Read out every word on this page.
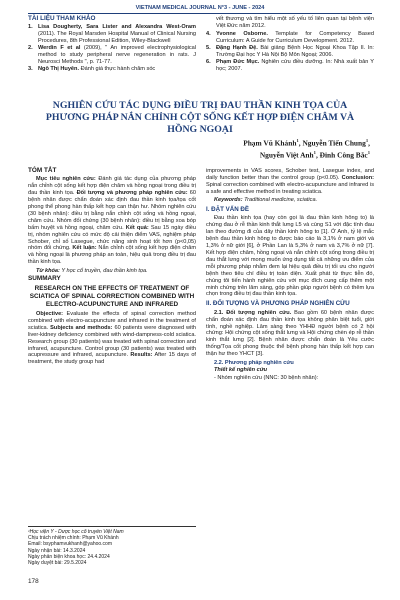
VIETNAM MEDICAL JOURNAL N°3 - JUNE - 2024
TÀI LIỆU THAM KHẢO
1. Lisa Dougherty, Sara Lister and Alexandra West-Oram (2011). The Royal Marsden Hospital Manual of Clinical Nursing Procedures, 8th Professional Edition, Wiley-Blackwell
2. Werdin F et al (2009), " An improved electrophysiological method to study peripheral nerve regeneration in rats. J Neurosci Methods ", p. 71-77.
3. Ngô Thị Huyên. Đánh giá thực hành chăm sóc

vết thương và tìm hiểu một số yếu tố liên quan tại bệnh viện Việt Đức năm 2012.

4. Yvonne Osborne. Template for Competency Based Curriculum: A Guide for Curriculum Development. 2012.
5. Đặng Hạnh Đệ. Bài giảng Bệnh Học Ngoại Khoa Tập II. In: Trường Đại học Y Hà Nội Bộ Môn Ngoại; 2006.
6. Phạm Đức Mục. Nghiên cứu điều dưỡng. In: Nhà xuất bản Y học; 2007.
NGHIÊN CỨU TÁC DỤNG ĐIỀU TRỊ ĐAU THẦN KINH TỌA CỦA PHƯƠNG PHÁP NẮN CHỈNH CỘT SỐNG KẾT HỢP ĐIỆN CHÂM VÀ HỒNG NGOẠI
Phạm Vũ Khánh$^1$, Nguyễn Tiến Chung$^1$,
Nguyễn Việt Anh$^1$, Đinh Công Bắc$^1$
TÓM TẮT

Mục tiêu nghiên cứu: Đánh giá tác dụng của phương pháp nắn chỉnh cột sống kết hợp điện châm và hồng ngoại trong điều trị đau thần kinh tọa. Đối tượng và phương pháp nghiên cứu: 60 bệnh nhân được chẩn đoán xác định đau thần kinh tọa/tọa cốt phong thể phong hàn thấp kết hợp can thận hư. Nhóm nghiên cứu (30 bệnh nhân): điều trị bằng nắn chỉnh cột sống và hồng ngoại, châm cứu. Nhóm đối chứng (30 bệnh nhân): điều trị bằng xoa bóp bấm huyệt và hồng ngoại, châm cứu. Kết quả: Sau 15 ngày điều trị, nhóm nghiên cứu có mức độ cải thiện điểm VAS, nghiệm pháp Schober, chỉ số Lasegue, chức năng sinh hoạt tốt hơn (p<0,05) nhóm đối chứng. Kết luận: Nắn chỉnh cột sống kết hợp điện châm và hồng ngoại là phương pháp an toàn, hiệu quả trong điều trị đau thần kinh tọa.

Từ khóa: Y học cổ truyền, đau thần kinh tọa.

SUMMARY
RESEARCH ON THE EFFECTS OF TREATMENT OF SCIATICA OF SPINAL CORRECTION COMBINED WITH ELECTRO-ACUPUNCTURE AND INFRARED

Objective: Evaluate the effects of spinal correction method combined with electro-acupuncture and infrared in the treatment of sciatica. Subjects and methods: 60 patients were diagnosed with liver-kidney deficiency combined with wind-dampness-cold sciatica. Research group (30 patients) was treated with spinal correction and infrared, acupuncture. Control group (30 patients) was treated with acupressure and infrared, acupuncture. Results: After 15 days of treatment, the study group had

improvements in VAS scores, Schober test, Lasegue index, and daily function better than the control group (p<0.05). Conclusion: Spinal correction combined with electro-acupuncture and infrared is a safe and effective method in treating sciatica.

Keywords: Traditional medicine, sciatica.

I. ĐẶT VẤN ĐỀ

Đau thần kinh tọa (hay còn gọi là đau thần kinh hông to) là chứng đau ở rễ thần kinh thắt lưng L5 và cùng S1 với đặc tính đau lan theo đường đi của dây thần kinh hông to [1]. Ở Anh, tỷ lệ mắc bệnh đau thần kinh hông to được báo cáo là 3,1% ở nam giới và 1,3% ở nữ giới [6], ở Phần Lan là 5,3% ở nam và 3,7% ở nữ [7]. Kết hợp điện châm, hồng ngoại và nắn chỉnh cột sống trong điều trị đau thắt lưng với mong muốn ứng dụng tất cả những ưu điểm của mỗi phương pháp nhằm đem lại hiệu quả điều trị tối ưu cho người bệnh theo tiêu chí điều trị toàn diện. Xuất phát từ thực tiễn đó, chúng tôi tiến hành nghiên cứu với mục đích cung cấp thêm một minh chứng trên lâm sàng, góp phần giúp người bệnh có thêm lựa chọn trong điều trị đau thần kinh tọa.

II. ĐỐI TƯỢNG VÀ PHƯƠNG PHÁP NGHIÊN CỨU

2.1. Đối tượng nghiên cứu. Bao gồm 60 bệnh nhân được chẩn đoán xác định đau thần kinh tọa không phân biệt tuổi, giới tính, nghề nghiệp. Lâm sàng theo YHHĐ người bệnh có 2 hội chứng: Hội chứng cột sống thắt lưng và Hội chứng chèn ép rễ thần kinh thắt lưng [2]. Bệnh nhân được chẩn đoán là Yêu cước thống/Tọa cốt phong thuộc thể bệnh phong hàn thấp kết hợp can thận hư theo YHCT [3].

2.2. Phương pháp nghiên cứu
Thiết kế nghiên cứu

- Nhóm nghiên cứu (NNC: 30 bệnh nhân):

¹Học viện Y - Dược học cổ truyền Việt Nam
Chịu trách nhiệm chính: Phạm Vũ Khánh
Email: bsyphamvukhanh@yahoo.com
Ngày nhận bài: 14.3.2024
Ngày phản biện khoa học: 24.4.2024
Ngày duyệt bài: 29.5.2024
178
